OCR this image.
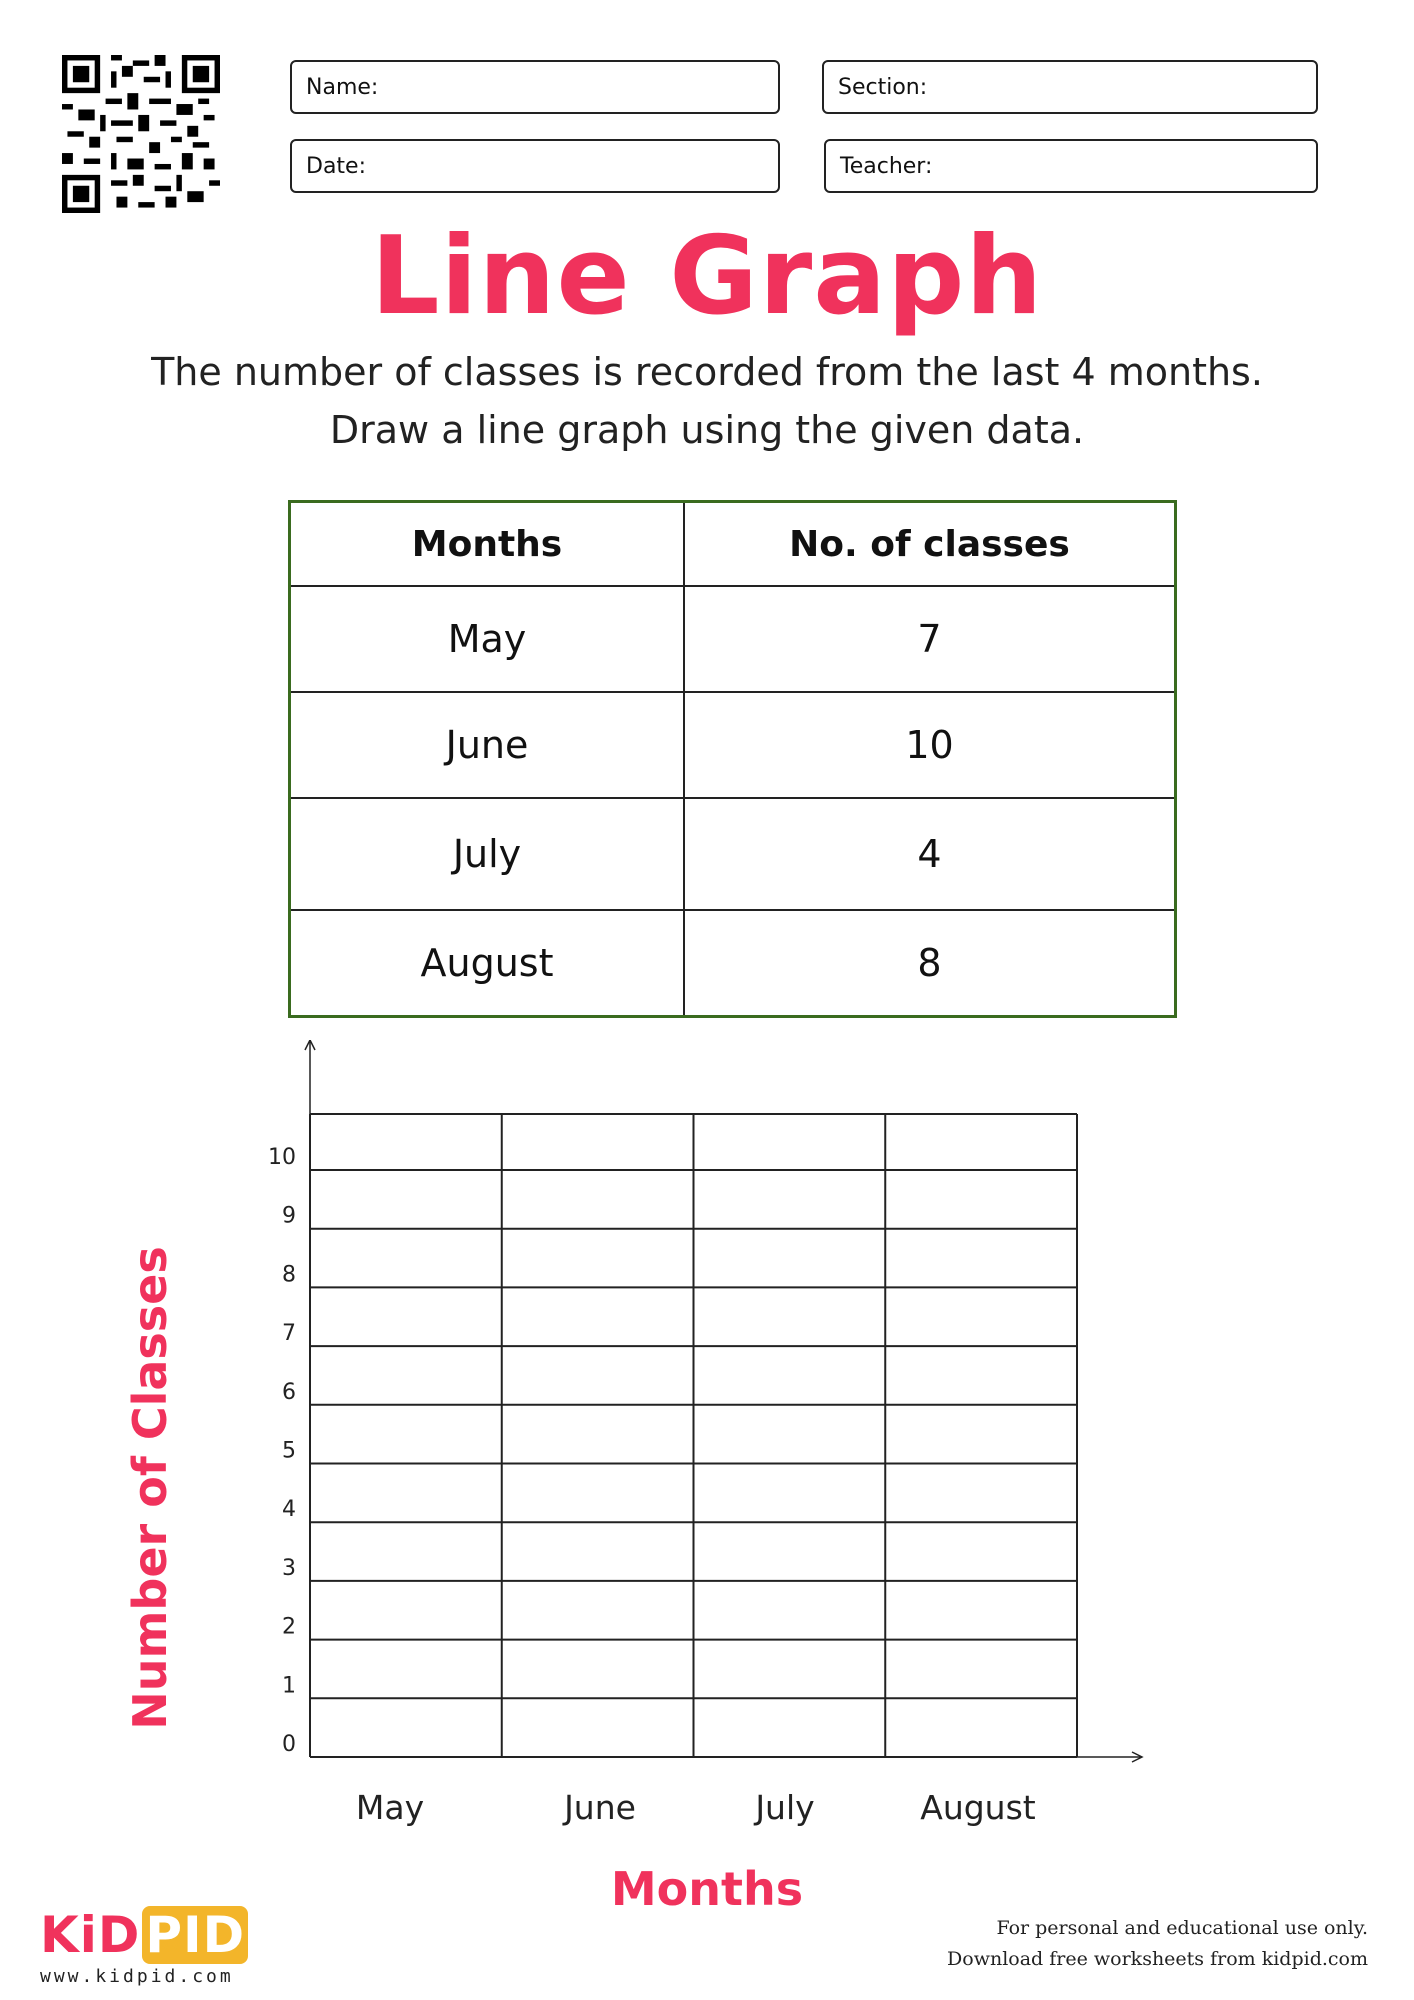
Name:	Section:
Date:	Teacher:
Line Graph
The number of classes is recorded from the last 4 months.
Draw a line graph using the given data.
Months	No. of classes
May	7
June	10
July	4
August	8
0
1
2
3
4
5
6
7
8
9
10
May	June	July	August
Number of Classes
Months
KiD PID
www.kidpid.com
For personal and educational use only.
Download free worksheets from kidpid.com
